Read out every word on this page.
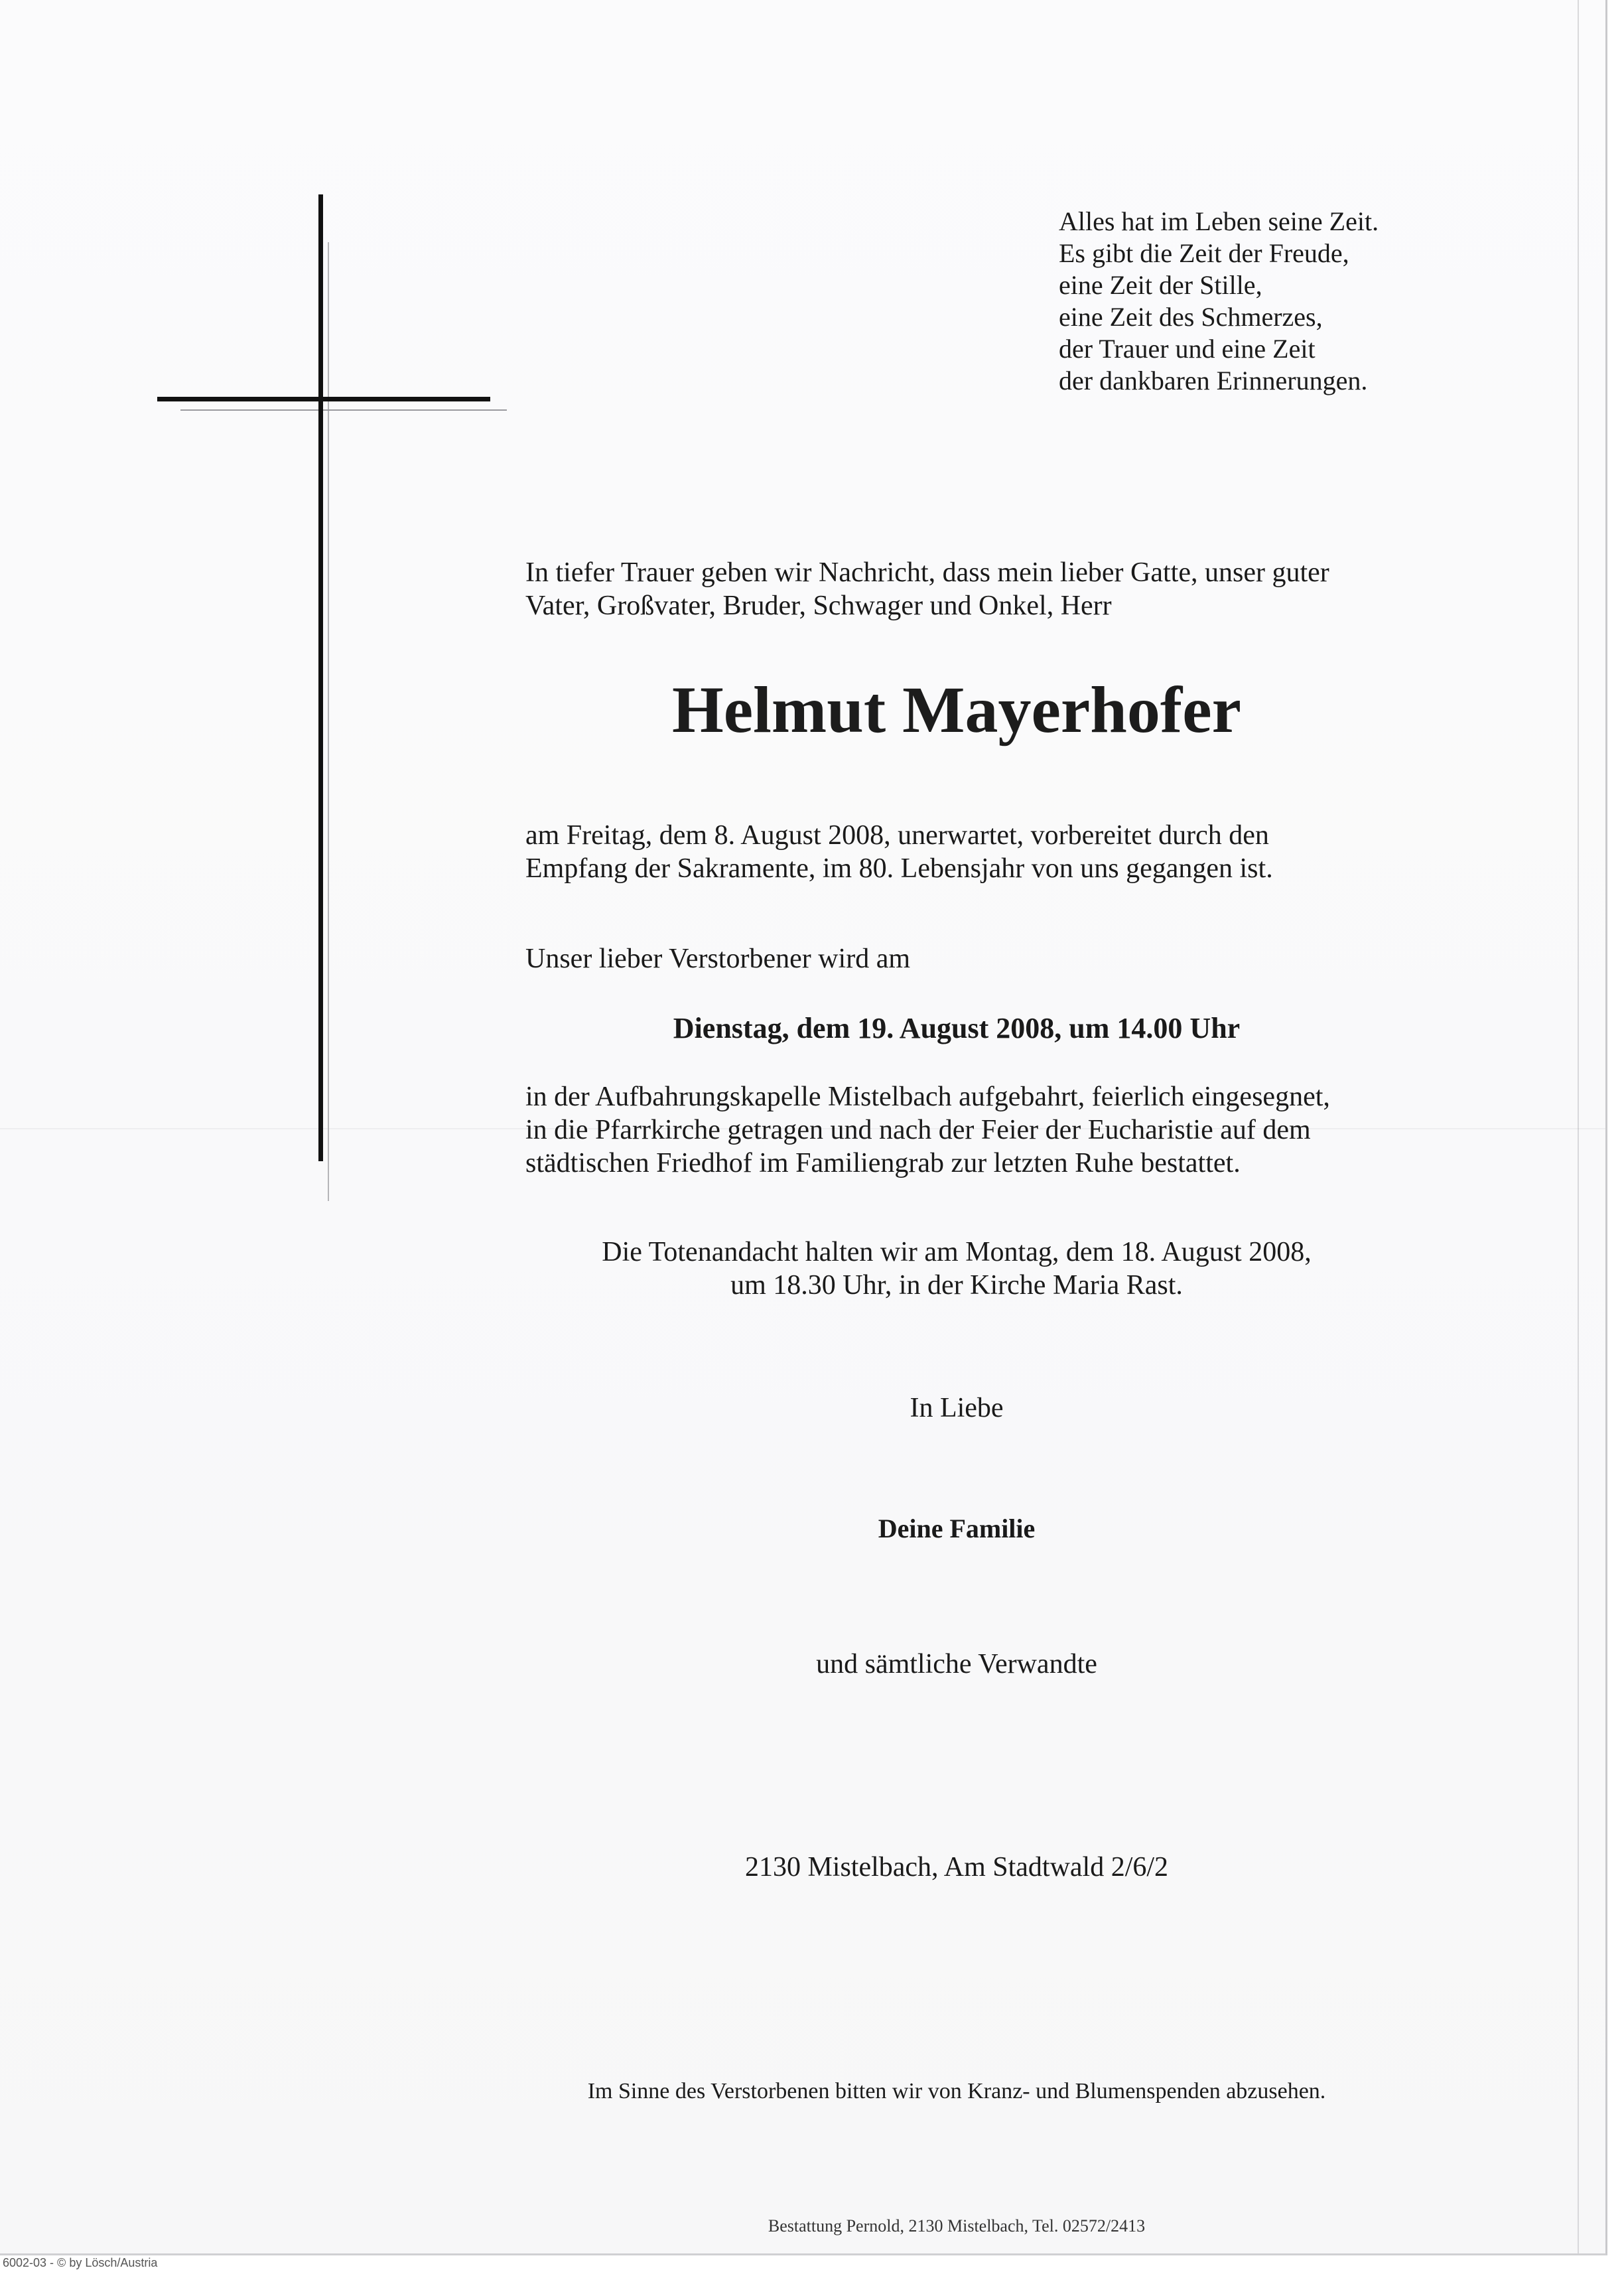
Alles hat im Leben seine Zeit.
Es gibt die Zeit der Freude,
eine Zeit der Stille,
eine Zeit des Schmerzes,
der Trauer und eine Zeit
der dankbaren Erinnerungen.
In tiefer Trauer geben wir Nachricht, dass mein lieber Gatte, unser guter
Vater, Großvater, Bruder, Schwager und Onkel, Herr
Helmut Mayerhofer
am Freitag, dem 8. August 2008, unerwartet, vorbereitet durch den
Empfang der Sakramente, im 80. Lebensjahr von uns gegangen ist.

Unser lieber Verstorbener wird am

Dienstag, dem 19. August 2008, um 14.00 Uhr

in der Aufbahrungskapelle Mistelbach aufgebahrt, feierlich eingesegnet,
in die Pfarrkirche getragen und nach der Feier der Eucharistie auf dem
städtischen Friedhof im Familiengrab zur letzten Ruhe bestattet.
Die Totenandacht halten wir am Montag, dem 18. August 2008,
um 18.30 Uhr, in der Kirche Maria Rast.

In Liebe

Deine Familie

und sämtliche Verwandte

2130 Mistelbach, Am Stadtwald 2/6/2

Im Sinne des Verstorbenen bitten wir von Kranz- und Blumenspenden abzusehen.

Bestattung Pernold, 2130 Mistelbach, Tel. 02572/2413

6002-03 - © by Lösch/Austria
